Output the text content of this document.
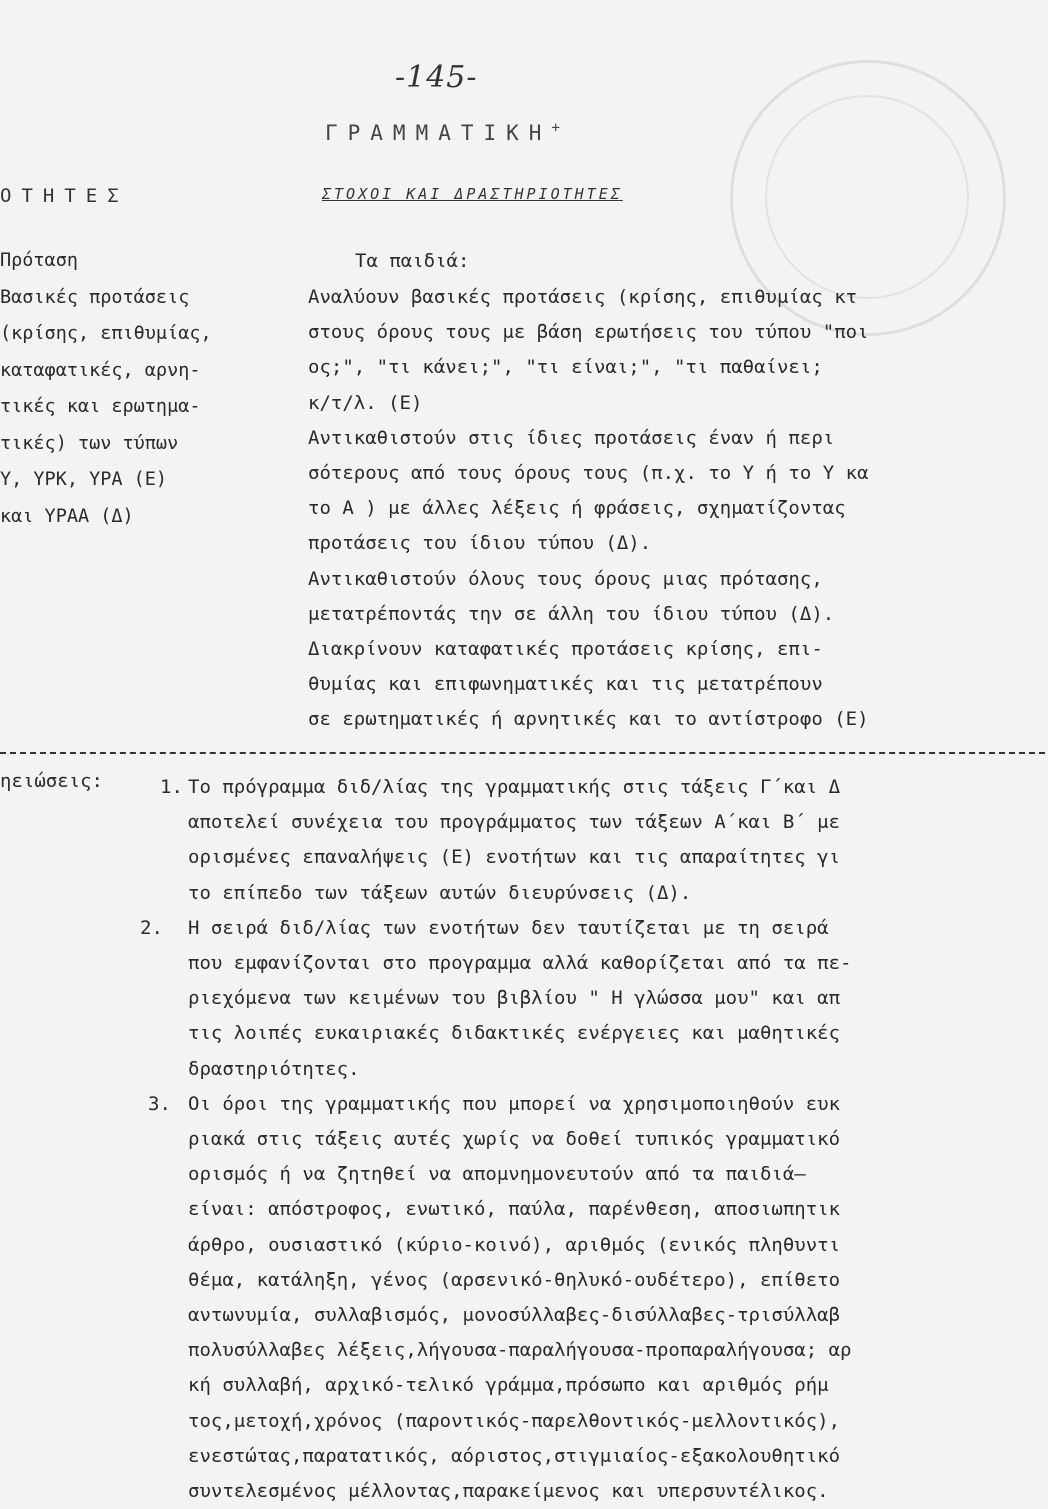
-145-
ΓΡΑΜΜΑΤΙΚΗ+
ΣΤΟΧΟΙ ΚΑΙ ΔΡΑΣΤΗΡΙΟΤΗΤΕΣ
ΟΤΗΤΕΣ
Πρόταση
Βασικές προτάσεις
(κρίσης, επιθυμίας,
καταφατικές, αρνη-
τικές και ερωτημα-
τικές) των τύπων
Υ, ΥΡΚ, ΥΡΑ (Ε)
και ΥΡΑΑ (Δ)
Τα παιδιά:
Αναλύουν βασικές προτάσεις (κρίσης, επιθυμίας κτ
στους όρους τους με βάση ερωτήσεις του τύπου "ποι
ος;", "τι κάνει;", "τι είναι;", "τι παθαίνει;
κ/τ/λ. (Ε)
Αντικαθιστούν στις ίδιες προτάσεις έναν ή περι
σότερους από τους όρους τους (π.χ. το Υ ή το Υ κα
το Α ) με άλλες λέξεις ή φράσεις, σχηματίζοντας
προτάσεις του ίδιου τύπου (Δ).
Αντικαθιστούν όλους τους όρους μιας πρότασης,
μετατρέποντάς την σε άλλη του ίδιου τύπου (Δ).
Διακρίνουν καταφατικές προτάσεις κρίσης, επι-
θυμίας και επιφωνηματικές και τις μετατρέπουν
σε ερωτηματικές ή αρνητικές και το αντίστροφο (Ε)
ηειώσεις:	1. Το πρόγραμμα διδ/λίας της γραμματικής στις τάξεις Γ΄και Δ
αποτελεί συνέχεια του προγράμματος των τάξεων Α΄και Β΄ με
ορισμένες επαναλήψεις (Ε) ενοτήτων και τις απαραίτητες γι
το επίπεδο των τάξεων αυτών διευρύνσεις (Δ).
2. Η σειρά διδ/λίας των ενοτήτων δεν ταυτίζεται με τη σειρά
που εμφανίζονται στο προγραμμα αλλά καθορίζεται από τα πε-
ριεχόμενα των κειμένων του βιβλίου " Η γλώσσα μου" και απ
τις λοιπές ευκαιριακές διδακτικές ενέργειες και μαθητικές
δραστηριότητες.
3. Οι όροι της γραμματικής που μπορεί να χρησιμοποιηθούν ευκ
ριακά στις τάξεις αυτές χωρίς να δοθεί τυπικός γραμματικό
ορισμός ή να ζητηθεί να απομνημονευτούν από τα παιδιά—
είναι: απόστροφος, ενωτικό, παύλα, παρένθεση, αποσιωπητικ
άρθρο, ουσιαστικό (κύριο-κοινό), αριθμός (ενικός πληθυντι
θέμα, κατάληξη, γένος (αρσενικό-θηλυκό-ουδέτερο), επίθετο
αντωνυμία, συλλαβισμός, μονοσύλλαβες-δισύλλαβες-τρισύλλαβ
πολυσύλλαβες λέξεις,λήγουσα-παραλήγουσα-προπαραλήγουσα; αρ
κή συλλαβή, αρχικό-τελικό γράμμα,πρόσωπο και αριθμός ρήμ
τος,μετοχή,χρόνος (παροντικός-παρελθοντικός-μελλοντικός),
ενεστώτας,παρατατικός, αόριστος,στιγμιαίος-εξακολουθητικό
συντελεσμένος μέλλοντας,παρακείμενος και υπερσυντέλικος.
